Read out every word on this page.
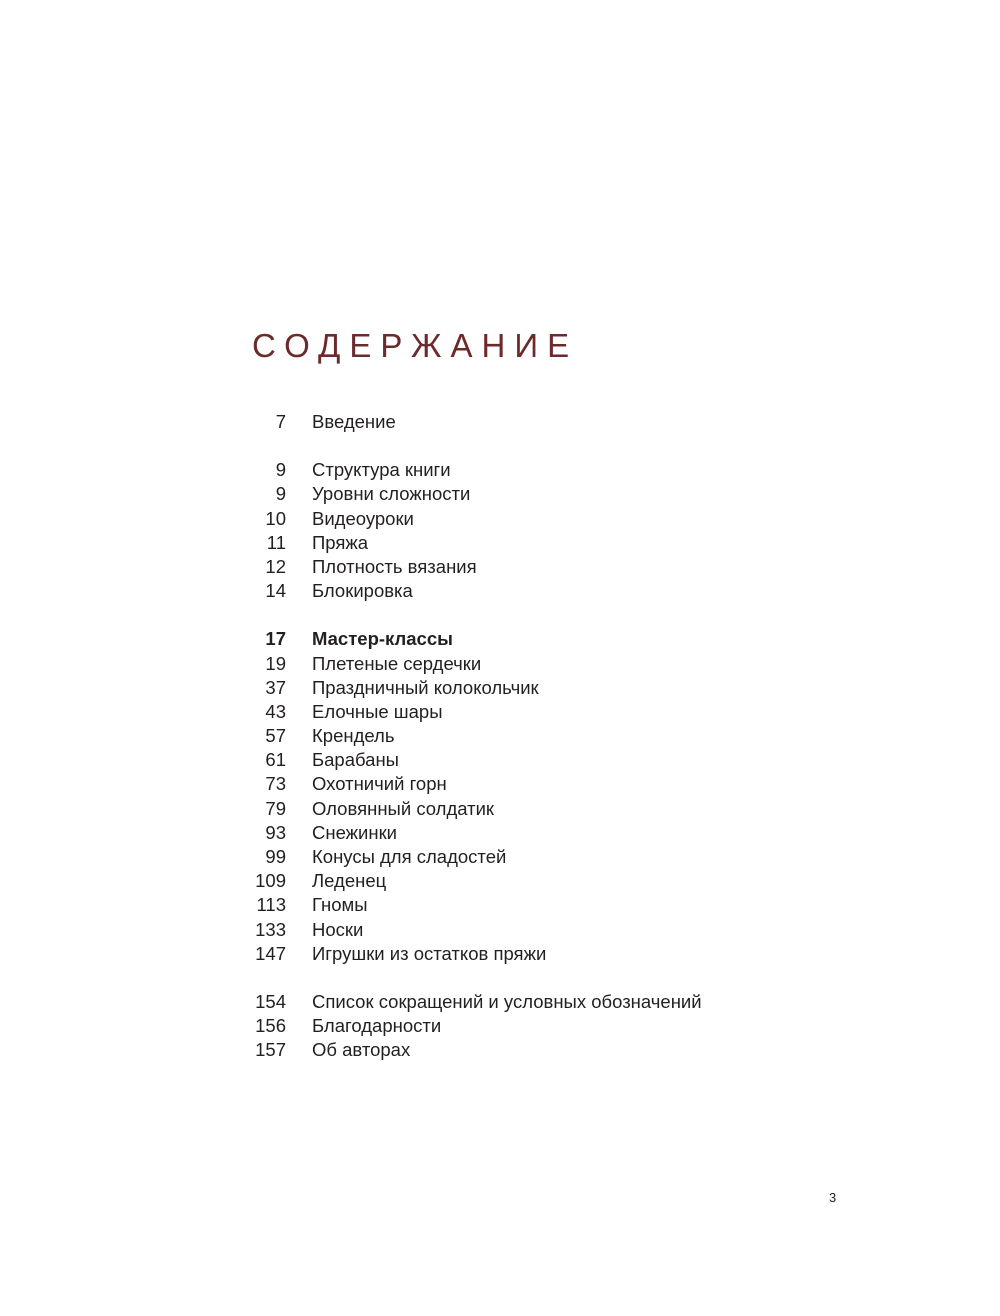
СОДЕРЖАНИЕ
7 Введение
9 Структура книги
9 Уровни сложности
10 Видеоуроки
11 Пряжа
12 Плотность вязания
14 Блокировка
17 Мастер-классы
19 Плетеные сердечки
37 Праздничный колокольчик
43 Елочные шары
57 Крендель
61 Барабаны
73 Охотничий горн
79 Оловянный солдатик
93 Снежинки
99 Конусы для сладостей
109 Леденец
113 Гномы
133 Носки
147 Игрушки из остатков пряжи
154 Список сокращений и условных обозначений
156 Благодарности
157 Об авторах
3
